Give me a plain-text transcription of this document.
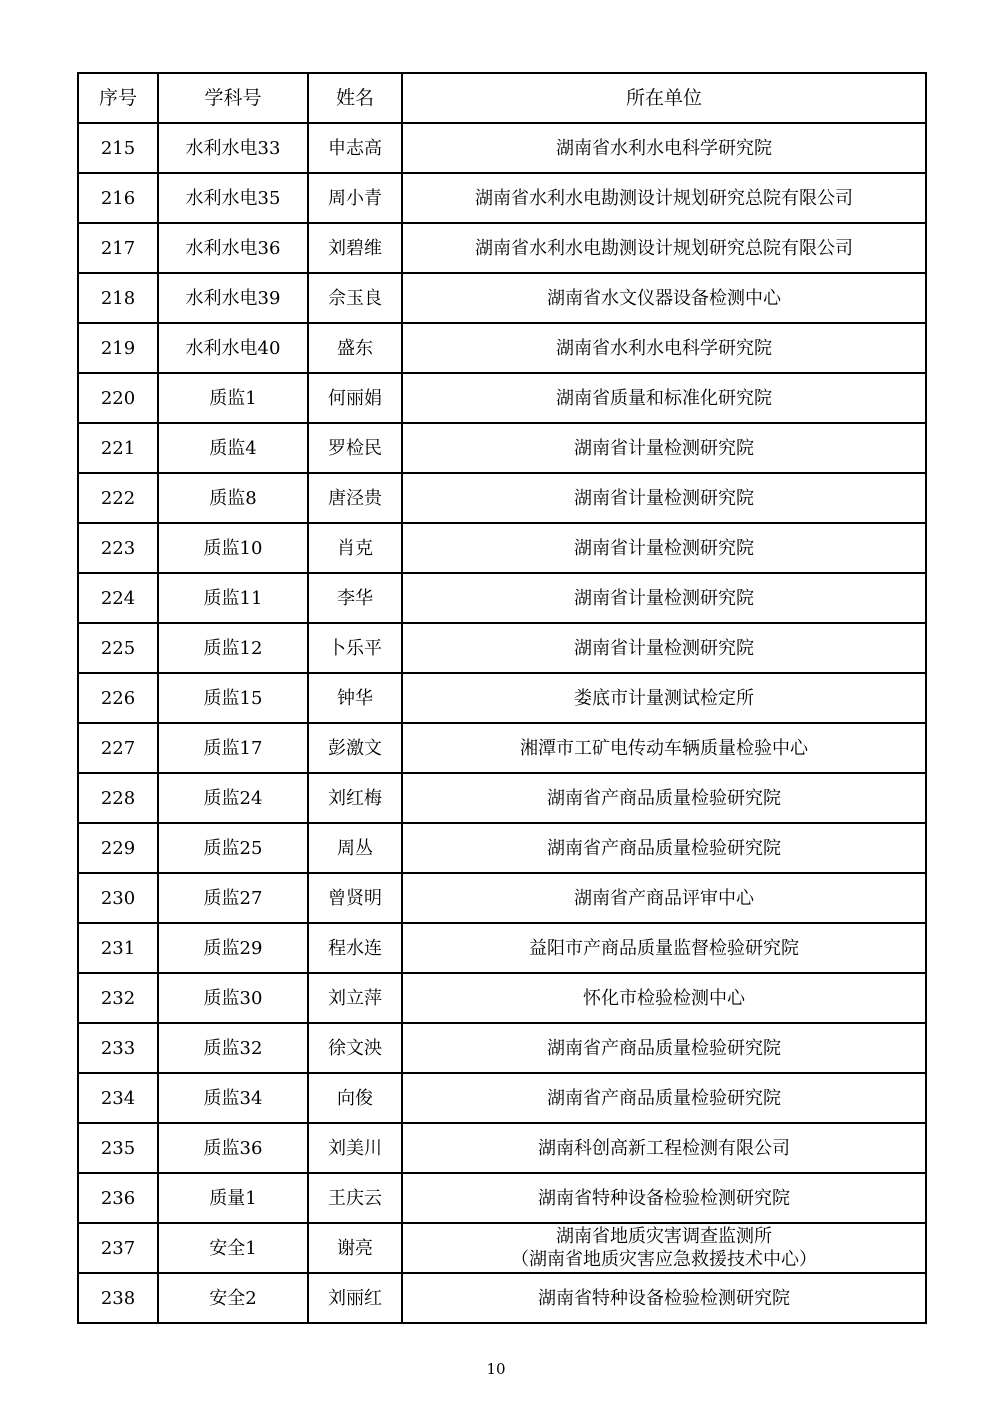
序号	学科号	姓名	所在单位
215	水利水电33	申志高	湖南省水利水电科学研究院

216	水利水电35	周小青	湖南省水利水电勘测设计规划研究总院有限公司

217	水利水电36	刘碧维	湖南省水利水电勘测设计规划研究总院有限公司

218	水利水电39	佘玉良	湖南省水文仪器设备检测中心

219	水利水电40	盛东	湖南省水利水电科学研究院

220	质监1	何丽娟	湖南省质量和标准化研究院

221	质监4	罗检民	湖南省计量检测研究院

222	质监8	唐泾贵	湖南省计量检测研究院

223	质监10	肖克	湖南省计量检测研究院

224	质监11	李华	湖南省计量检测研究院

225	质监12	卜乐平	湖南省计量检测研究院

226	质监15	钟华	娄底市计量测试检定所

227	质监17	彭激文	湘潭市工矿电传动车辆质量检验中心

228	质监24	刘红梅	湖南省产商品质量检验研究院

229	质监25	周丛	湖南省产商品质量检验研究院

230	质监27	曾贤明	湖南省产商品评审中心

231	质监29	程水连	益阳市产商品质量监督检验研究院

232	质监30	刘立萍	怀化市检验检测中心

233	质监32	徐文泱	湖南省产商品质量检验研究院

234	质监34	向俊	湖南省产商品质量检验研究院

235	质监36	刘美川	湖南科创高新工程检测有限公司

236	质量1	王庆云	湖南省特种设备检验检测研究院

237	安全1	谢亮	湖南省地质灾害调查监测所
（湖南省地质灾害应急救援技术中心）

238	安全2	刘丽红	湖南省特种设备检验检测研究院
10
